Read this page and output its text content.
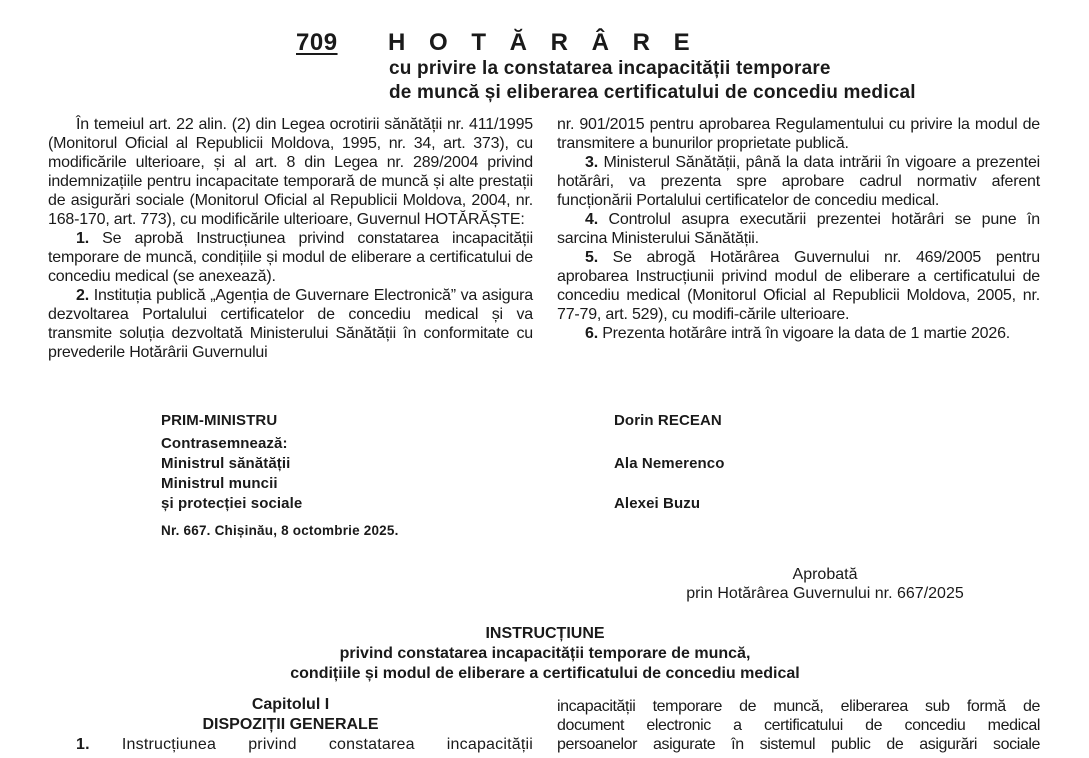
709 H O T Ă R Â R E
cu privire la constatarea incapacității temporare
de muncă și eliberarea certificatului de concediu medical

În temeiul art. 22 alin. (2) din Legea ocrotirii sănătății nr. 411/1995 (Monitorul Oficial al Republicii Moldova, 1995, nr. 34, art. 373), cu modificările ulterioare, și al art. 8 din Legea nr. 289/2004 privind indemnizațiile pentru incapacitate temporară de muncă și alte prestații de asigurări sociale (Monitorul Oficial al Republicii Moldova, 2004, nr. 168-170, art. 773), cu modificările ulterioare, Guvernul HOTĂRĂȘTE:

1. Se aprobă Instrucțiunea privind constatarea incapacității temporare de muncă, condițiile și modul de eliberare a certificatului de concediu medical (se anexează).

2. Instituția publică „Agenția de Guvernare Electronică” va asigura dezvoltarea Portalului certificatelor de concediu medical și va transmite soluția dezvoltată Ministerului Sănătății în conformitate cu prevederile Hotărârii Guvernului

nr. 901/2015 pentru aprobarea Regulamentului cu privire la modul de transmitere a bunurilor proprietate publică.

3. Ministerul Sănătății, până la data intrării în vigoare a prezentei hotărâri, va prezenta spre aprobare cadrul normativ aferent funcționării Portalului certificatelor de concediu medical.

4. Controlul asupra executării prezentei hotărâri se pune în sarcina Ministerului Sănătății.

5. Se abrogă Hotărârea Guvernului nr. 469/2005 pentru aprobarea Instrucțiunii privind modul de eliberare a certificatului de concediu medical (Monitorul Oficial al Republicii Moldova, 2005, nr. 77-79, art. 529), cu modifi-cările ulterioare.

6. Prezenta hotărâre intră în vigoare la data de 1 martie 2026.

PRIM-MINISTRU
Contrasemnează:
Ministrul sănătății
Ministrul muncii
și protecției sociale
Dorin RECEAN
Ala Nemerenco
Alexei Buzu
Nr. 667. Chișinău, 8 octombrie 2025.
Aprobată
prin Hotărârea Guvernului nr. 667/2025
INSTRUCȚIUNE
privind constatarea incapacității temporare de muncă,
condițiile și modul de eliberare a certificatului de concediu medical
Capitolul I
DISPOZIȚII GENERALE
1. Instrucțiunea privind constatarea incapacității
incapacității temporare de muncă, eliberarea sub formă de
document electronic a certificatului de concediu medical
persoanelor asigurate în sistemul public de asigurări sociale
